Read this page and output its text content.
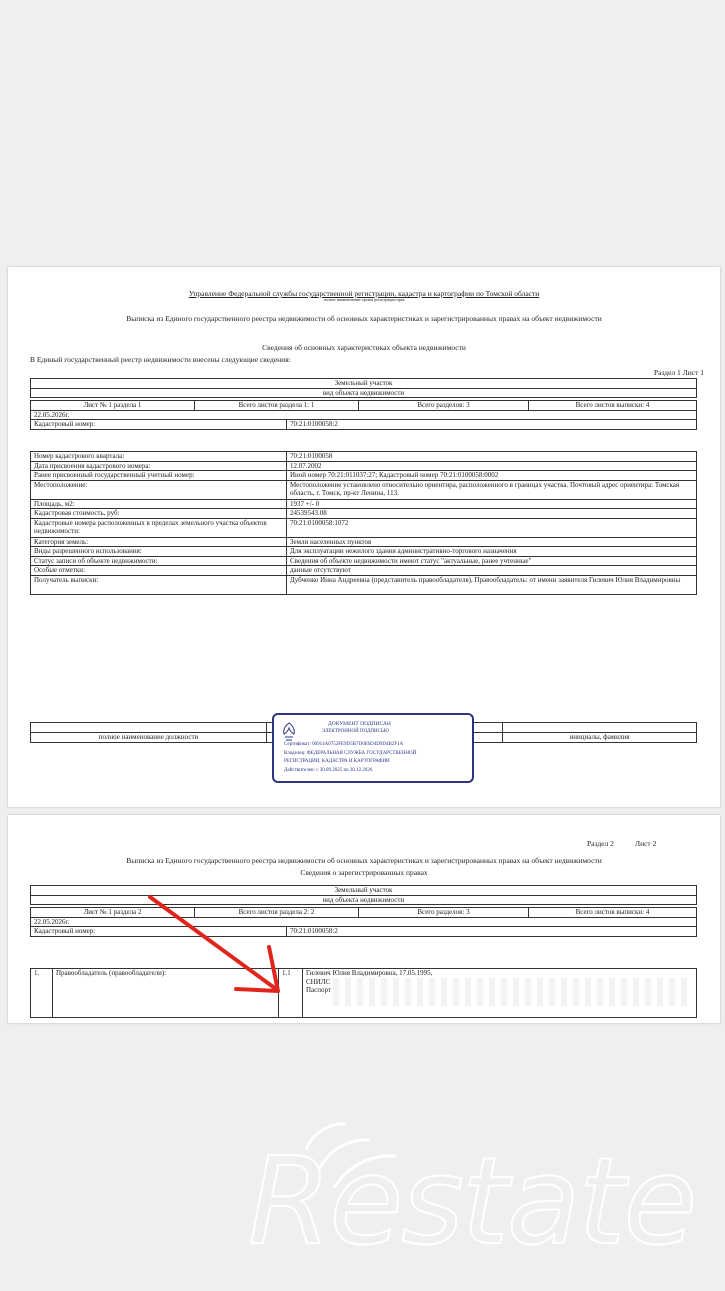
Управление Федеральной службы государственной регистрации, кадастра и картографии по Томской области
полное наименование органа регистрации прав
Выписка из Единого государственного реестра недвижимости об основных характеристиках и зарегистрированных правах на объект недвижимости
Сведения об основных характеристиках объекта недвижимости
В Единый государственный реестр недвижимости внесены следующие сведения:
Раздел 1 Лист 1
Земельный участок				
вид объекта недвижимости				

Лист № 1 раздела 1	Всего листов раздела 1: 1		Всего разделов: 3	Всего листов выписки: 4
22.05.2026г.				
Кадастровый номер:		70:21:0100058:2		
Номер кадастрового квартала:	70:21:0100058
Дата присвоения кадастрового номера:	12.07.2002
Ранее присвоенный государственный учетный номер:	Иной номер 70:21:011037:27; Кадастровый номер 70:21:0100058:0002
Местоположение:	Местоположение установлено относительно ориентира, расположенного в границах участка. Почтовый адрес ориентира: Томская область, г. Томск, пр-кт Ленина, 113.
Площадь, м2:	1937 +/- 0
Кадастровая стоимость, руб:	24539543.08
Кадастровые номера расположенных в пределах земельного участка объектов недвижимости:	70:21:0100058:1072
Категория земель:	Земли населенных пунктов
Виды разрешенного использования:	Для эксплуатации нежилого здания административно-торгового назначения
Статус записи об объекте недвижимости:	Сведения об объекте недвижимости имеют статус "актуальные, ранее учтенные"
Особые отметки:	данные отсутствуют
Получатель выписки:	Дубченко Инна Андреевна (представитель правообладателя), Правообладатель: от имени заявителя Гилевич Юлия Владимировны

полное наименование должности		инициалы, фамилия
ДОКУМЕНТ ПОДПИСАН
ЭЛЕКТРОННОЙ ПОДПИСЬЮ
Сертификат: 00914A0752FE9D5B7D6E6D4D9D4B2F1A
Владелец: ФЕДЕРАЛЬНАЯ СЛУЖБА ГОСУДАРСТВЕННОЙ
РЕГИСТРАЦИИ, КАДАСТРА И КАРТОГРАФИИ
Действителен: с 30.09.2025 по 30.12.2026
Раздел 2	Лист 2
Выписка из Единого государственного реестра недвижимости об основных характеристиках и зарегистрированных правах на объект недвижимости
Сведения о зарегистрированных правах
Земельный участок				
вид объекта недвижимости				

Лист № 1 раздела 2	Всего листов раздела 2: 2		Всего разделов: 3	Всего листов выписки: 4
22.05.2026г.				
Кадастровый номер:		70:21:0100058:2		
1.	Правообладатель (правообладатели):	1.1	Гилевич Юлия Владимировна, 17.05.1995,
СНИЛС
Паспорт
Restate
